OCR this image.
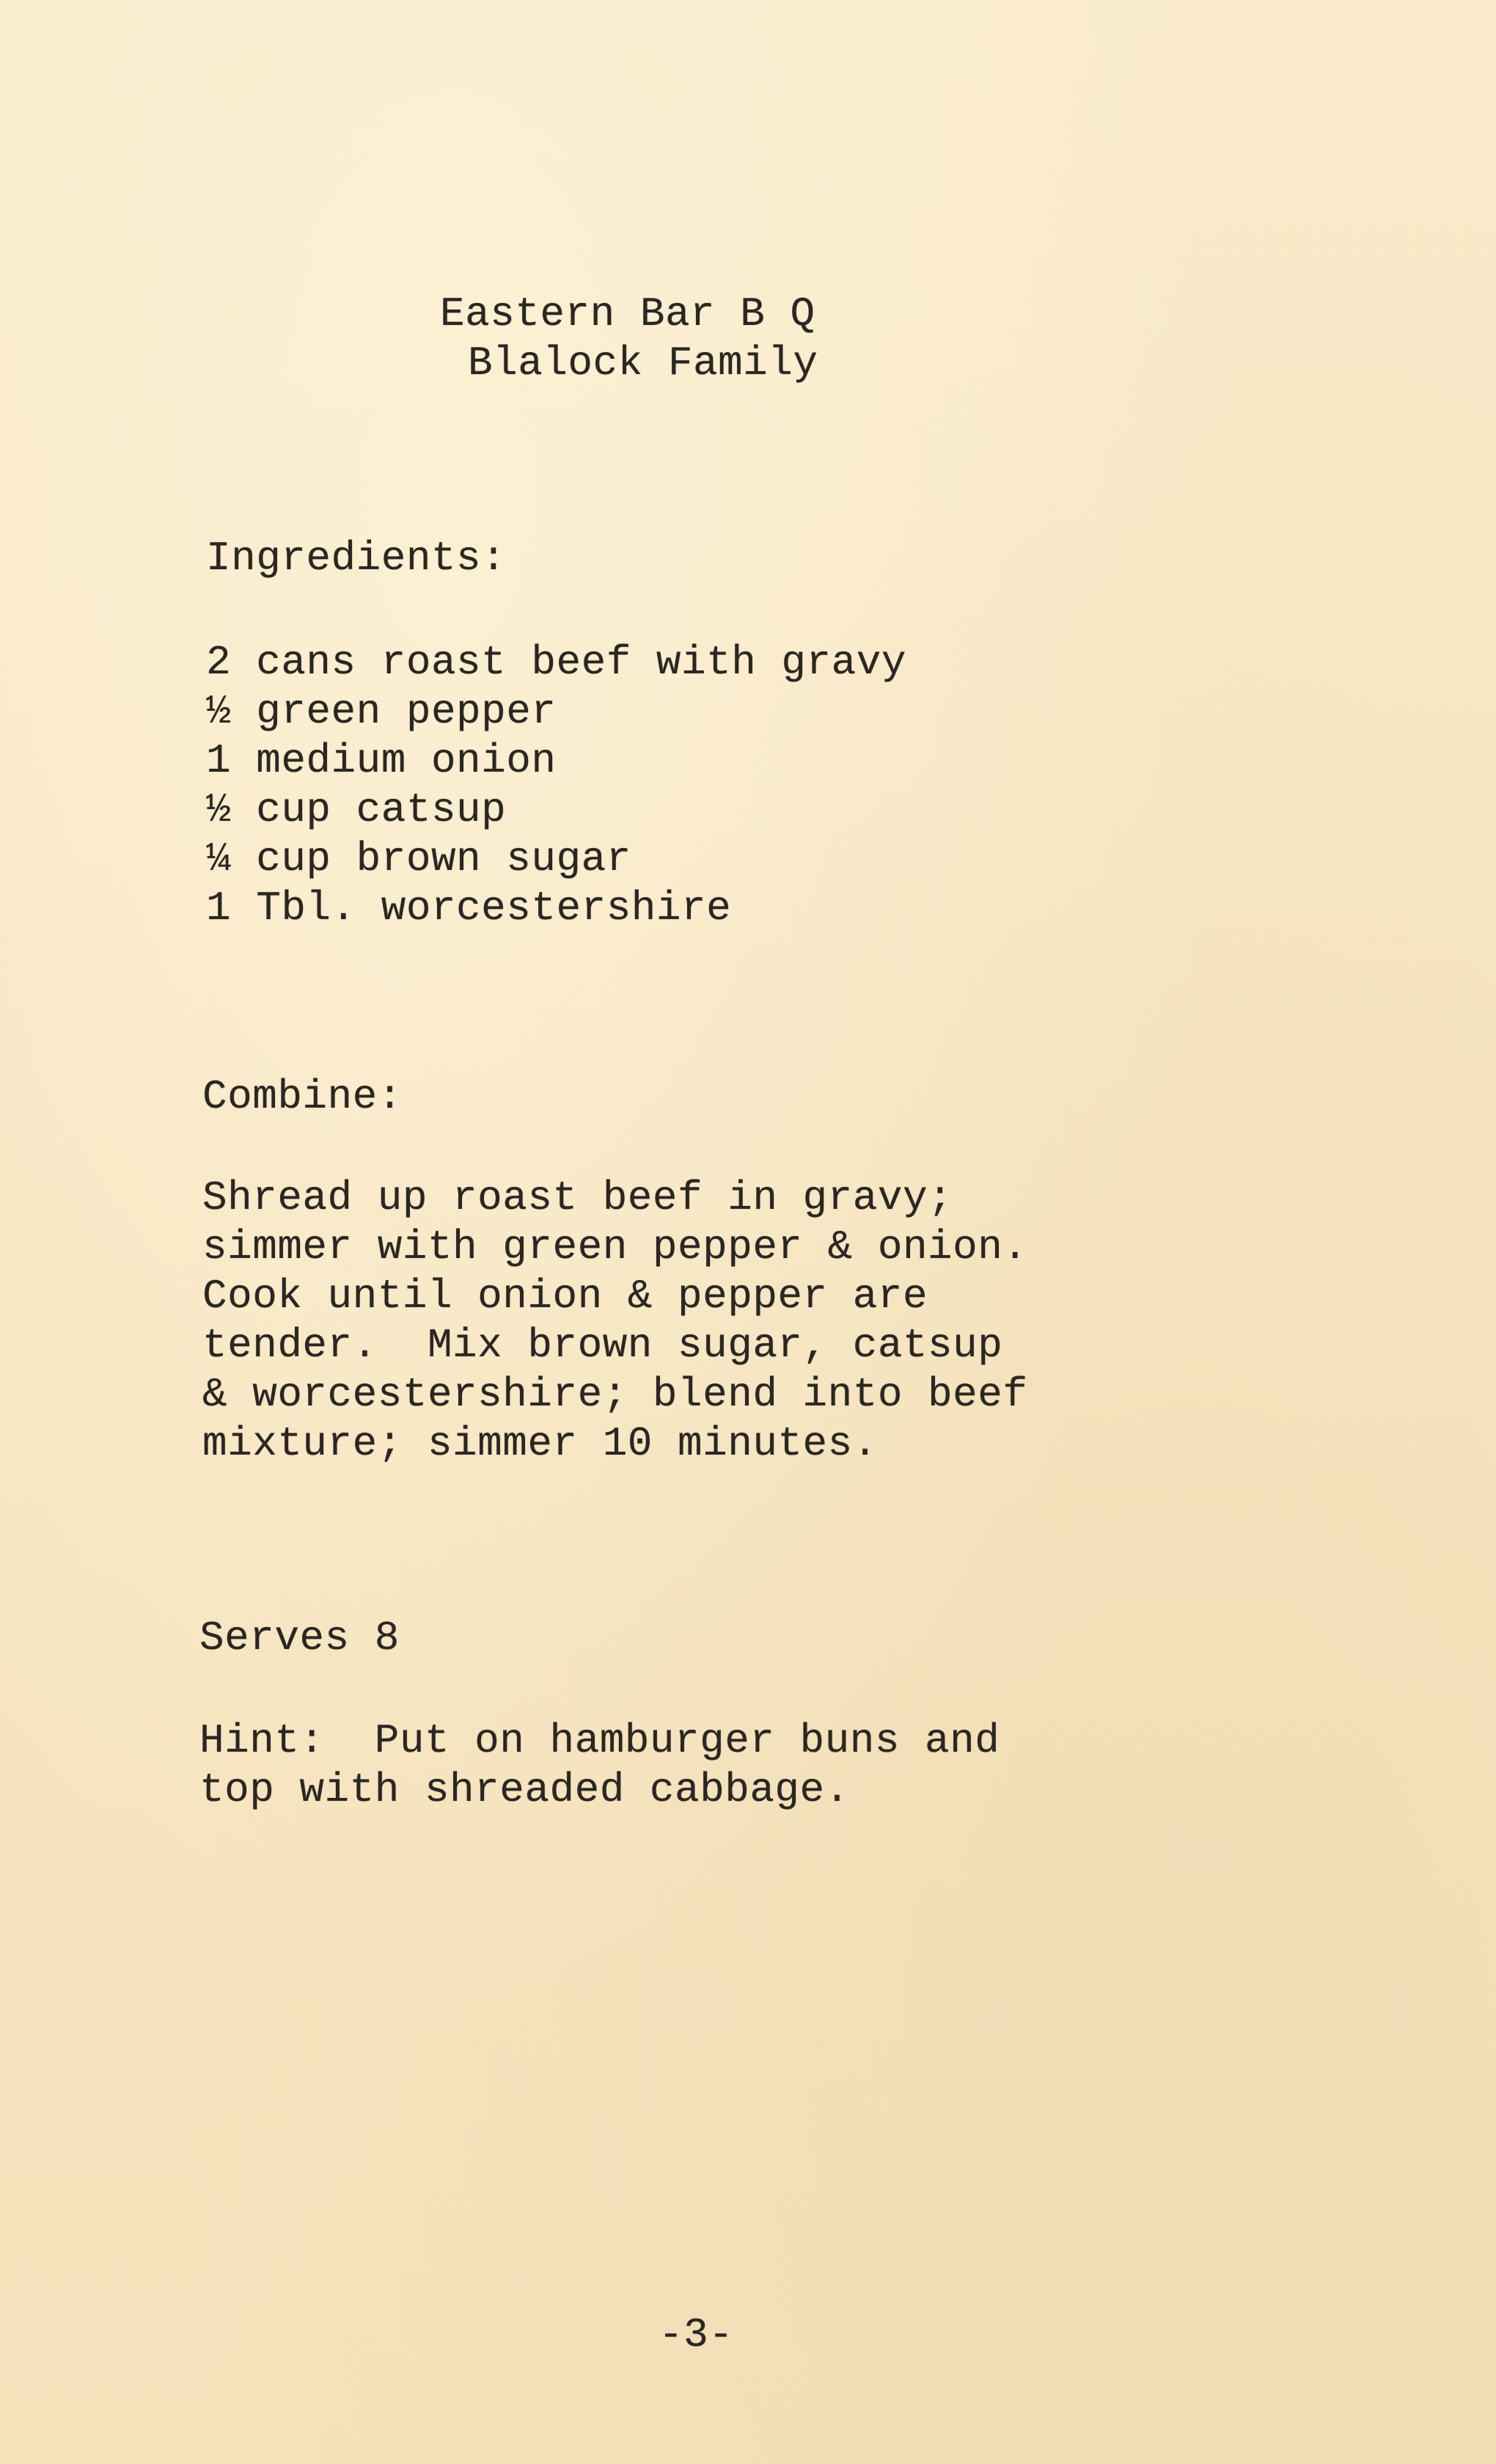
Eastern Bar B Q
Blalock Family
Ingredients:
2 cans roast beef with gravy
½ green pepper
1 medium onion
½ cup catsup
¼ cup brown sugar
1 Tbl. worcestershire
Combine:
Shread up roast beef in gravy;
simmer with green pepper & onion.
Cook until onion & pepper are
tender.  Mix brown sugar, catsup
& worcestershire; blend into beef
mixture; simmer 10 minutes.
Serves 8
Hint:  Put on hamburger buns and
top with shreaded cabbage.
-3-
